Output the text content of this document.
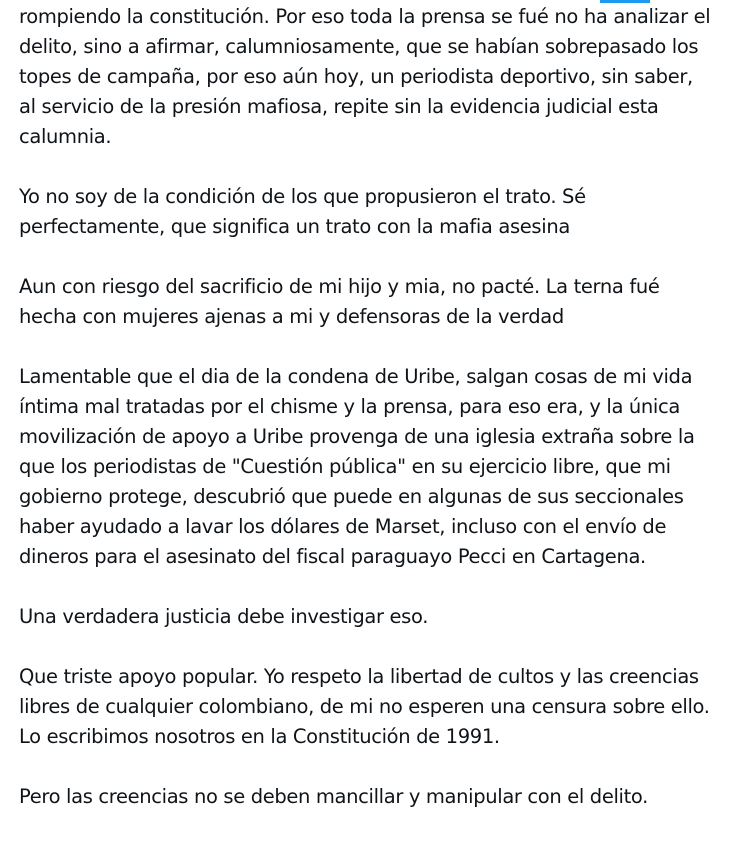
rompiendo la constitución. Por eso toda la prensa se fué no ha analizar el
delito, sino a afirmar, calumniosamente, que se habían sobrepasado los
topes de campaña, por eso aún hoy, un periodista deportivo, sin saber,
al servicio de la presión mafiosa, repite sin la evidencia judicial esta
calumnia.

Yo no soy de la condición de los que propusieron el trato. Sé
perfectamente, que significa un trato con la mafia asesina

Aun con riesgo del sacrificio de mi hijo y mia, no pacté. La terna fué
hecha con mujeres ajenas a mi y defensoras de la verdad

Lamentable que el dia de la condena de Uribe, salgan cosas de mi vida
íntima mal tratadas por el chisme y la prensa, para eso era, y la única
movilización de apoyo a Uribe provenga de una iglesia extraña sobre la
que los periodistas de "Cuestión pública" en su ejercicio libre, que mi
gobierno protege, descubrió que puede en algunas de sus seccionales
haber ayudado a lavar los dólares de Marset, incluso con el envío de
dineros para el asesinato del fiscal paraguayo Pecci en Cartagena.

Una verdadera justicia debe investigar eso.

Que triste apoyo popular. Yo respeto la libertad de cultos y las creencias
libres de cualquier colombiano, de mi no esperen una censura sobre ello.
Lo escribimos nosotros en la Constitución de 1991.

Pero las creencias no se deben mancillar y manipular con el delito.
